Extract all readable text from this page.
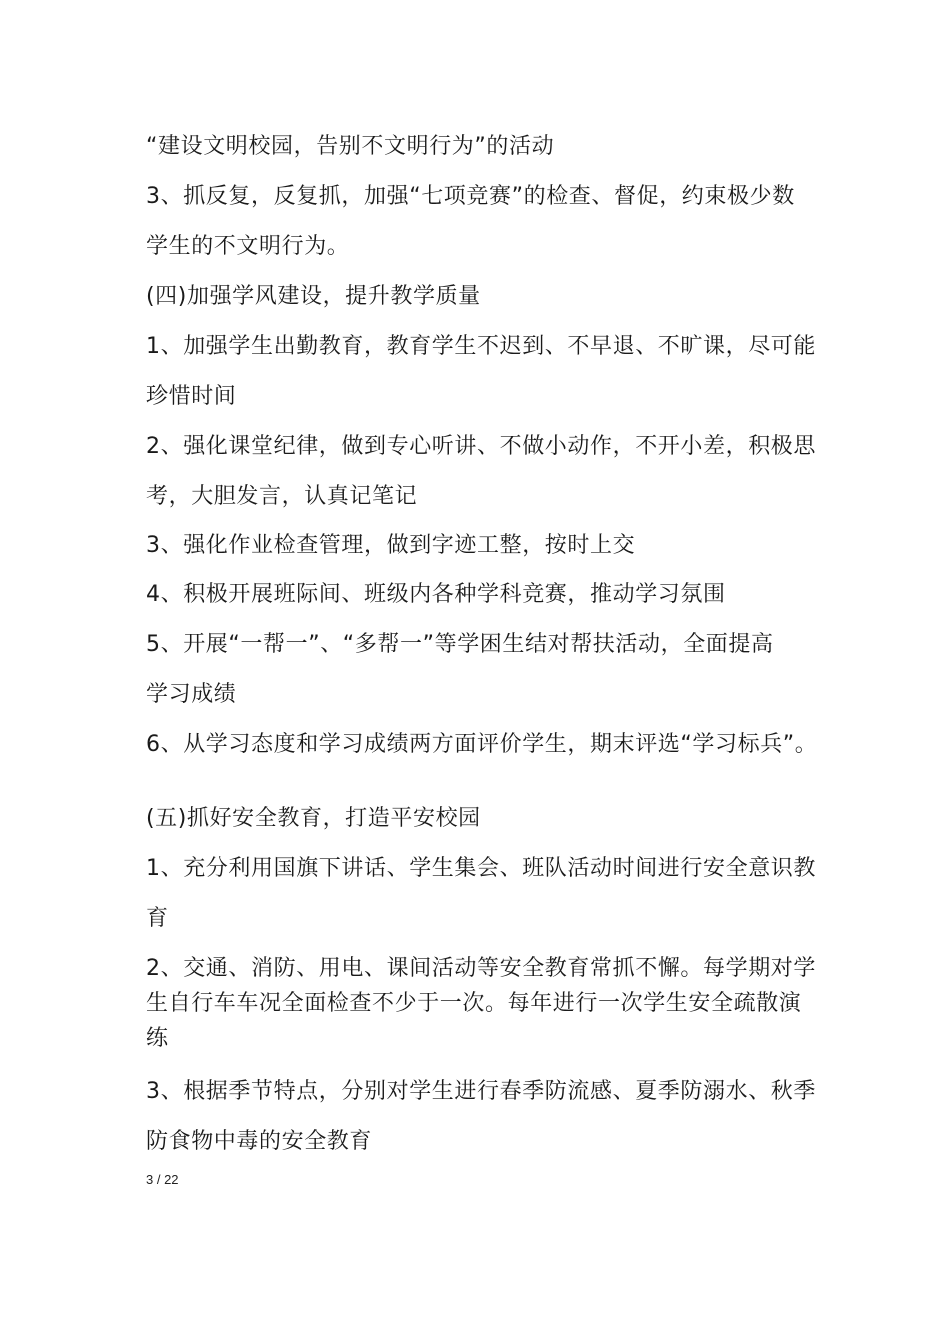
“建设文明校园，告别不文明行为”的活动
3、抓反复，反复抓，加强“七项竞赛”的检查、督促，约束极少数
学生的不文明行为。
(四)加强学风建设，提升教学质量
1、加强学生出勤教育，教育学生不迟到、不早退、不旷课，尽可能
珍惜时间
2、强化课堂纪律，做到专心听讲、不做小动作，不开小差，积极思
考，大胆发言，认真记笔记
3、强化作业检查管理，做到字迹工整，按时上交
4、积极开展班际间、班级内各种学科竞赛，推动学习氛围
5、开展“一帮一”、“多帮一”等学困生结对帮扶活动，全面提高
学习成绩
6、从学习态度和学习成绩两方面评价学生，期末评选“学习标兵”。
(五)抓好安全教育，打造平安校园
1、充分利用国旗下讲话、学生集会、班队活动时间进行安全意识教
育
2、交通、消防、用电、课间活动等安全教育常抓不懈。每学期对学
生自行车车况全面检查不少于一次。每年进行一次学生安全疏散演
练
3、根据季节特点，分别对学生进行春季防流感、夏季防溺水、秋季
防食物中毒的安全教育
3 / 22
